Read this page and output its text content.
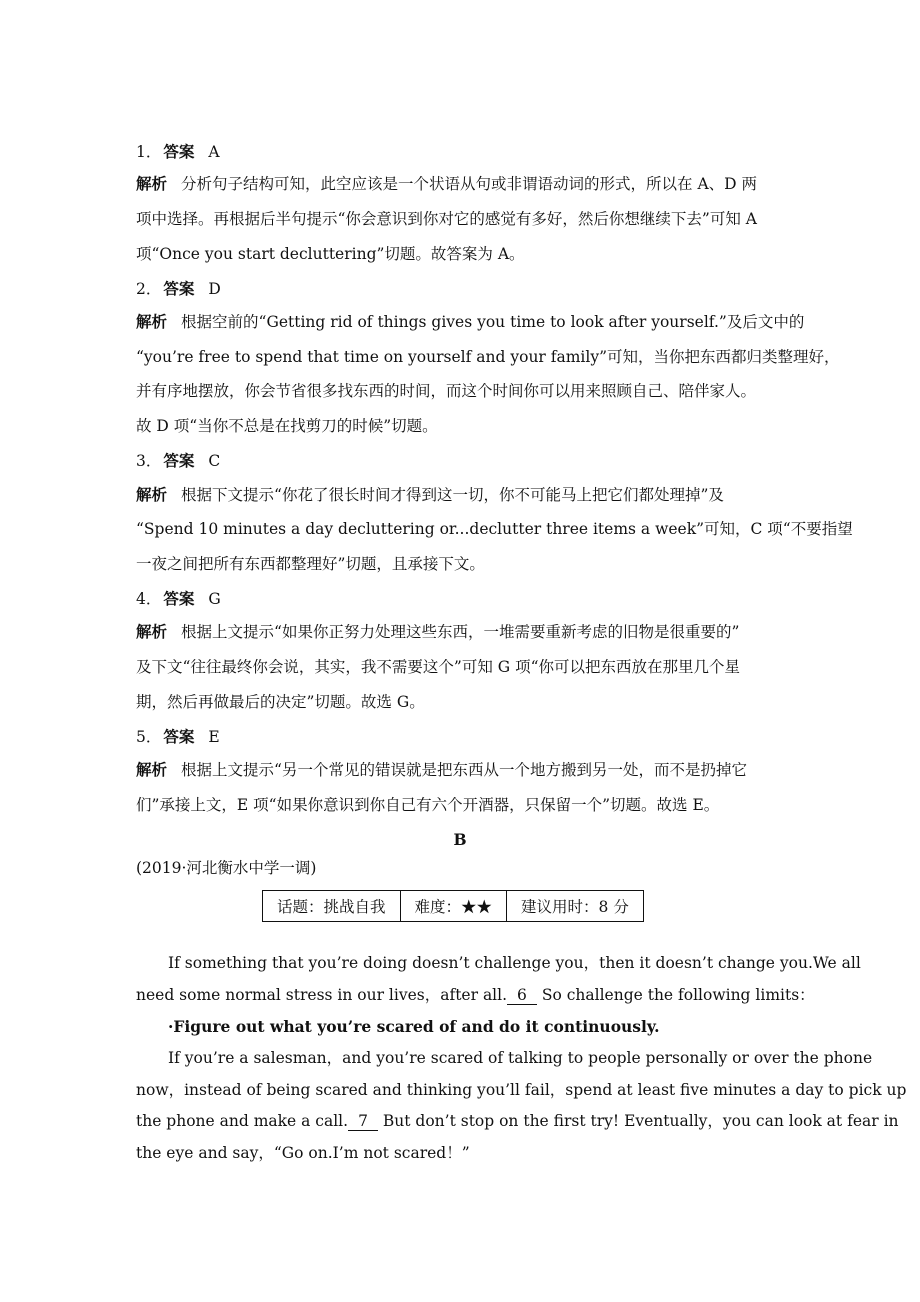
1． 答案 A
解析 分析句子结构可知，此空应该是一个状语从句或非谓语动词的形式，所以在 A、D 两
项中选择。再根据后半句提示“你会意识到你对它的感觉有多好，然后你想继续下去”可知 A
项“Once you start decluttering”切题。故答案为 A。
2． 答案 D
解析 根据空前的“Getting rid of things gives you time to look after yourself.”及后文中的
“you’re free to spend that time on yourself and your family”可知，当你把东西都归类整理好，
并有序地摆放，你会节省很多找东西的时间，而这个时间你可以用来照顾自己、陪伴家人。
故 D 项“当你不总是在找剪刀的时候”切题。
3． 答案 C
解析 根据下文提示“你花了很长时间才得到这一切，你不可能马上把它们都处理掉”及
“Spend 10 minutes a day decluttering or...declutter three items a week”可知，C 项“不要指望
一夜之间把所有东西都整理好”切题，且承接下文。
4． 答案 G
解析 根据上文提示“如果你正努力处理这些东西，一堆需要重新考虑的旧物是很重要的”
及下文“往往最终你会说，其实，我不需要这个”可知 G 项“你可以把东西放在那里几个星
期，然后再做最后的决定”切题。故选 G。
5． 答案 E
解析 根据上文提示“另一个常见的错误就是把东西从一个地方搬到另一处，而不是扔掉它
们”承接上文，E 项“如果你意识到你自己有六个开酒器，只保留一个”切题。故选 E。
B
(2019·河北衡水中学一调)
话题：挑战自我	难度：★★	建议用时：8 分
If something that you’re doing doesn’t challenge you，then it doesn’t change you.We all
need some normal stress in our lives，after all. 6 So challenge the following limits：
·Figure out what you’re scared of and do it continuously.
If you’re a salesman，and you’re scared of talking to people personally or over the phone
now，instead of being scared and thinking you’ll fail，spend at least five minutes a day to pick up
the phone and make a call. 7 But don’t stop on the first try! Eventually，you can look at fear in
the eye and say，“Go on.I’m not scared！”
